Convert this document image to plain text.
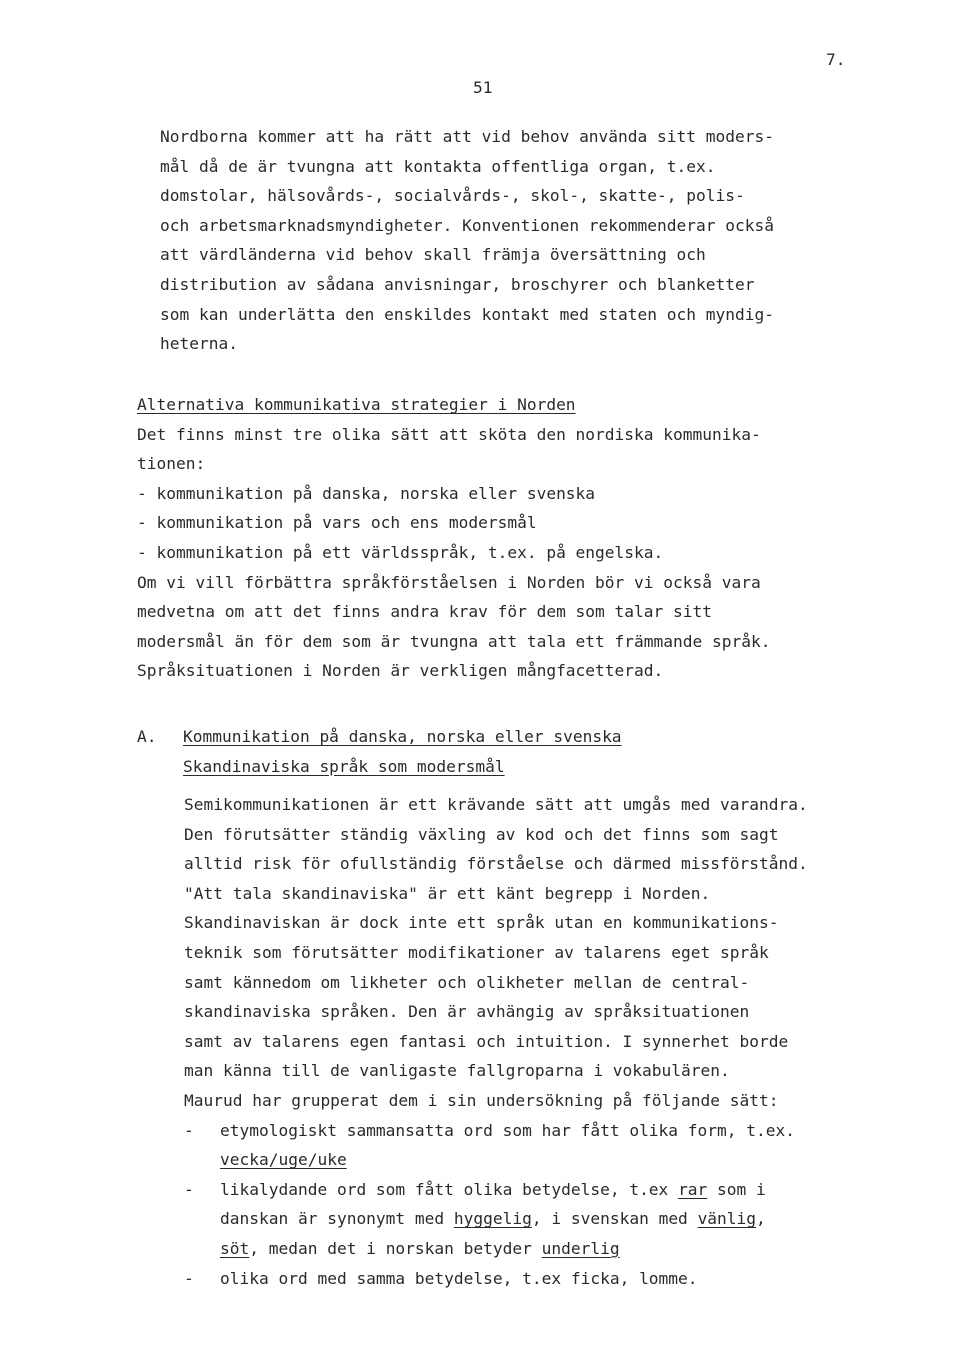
7.
51
Nordborna kommer att ha rätt att vid behov använda sitt moders-
mål då de är tvungna att kontakta offentliga organ, t.ex.
domstolar, hälsovårds-, socialvårds-, skol-, skatte-, polis-
och arbetsmarknadsmyndigheter. Konventionen rekommenderar också
att värdländerna vid behov skall främja översättning och
distribution av sådana anvisningar, broschyrer och blanketter
som kan underlätta den enskildes kontakt med staten och myndig-
heterna.
Alternativa kommunikativa strategier i Norden
Det finns minst tre olika sätt att sköta den nordiska kommunika-
tionen:
- kommunikation på danska, norska eller svenska
- kommunikation på vars och ens modersmål
- kommunikation på ett världsspråk, t.ex. på engelska.
Om vi vill förbättra språkförståelsen i Norden bör vi också vara
medvetna om att det finns andra krav för dem som talar sitt
modersmål än för dem som är tvungna att tala ett främmande språk.
Språksituationen i Norden är verkligen mångfacetterad.
A. Kommunikation på danska, norska eller svenska
Skandinaviska språk som modersmål
Semikommunikationen är ett krävande sätt att umgås med varandra.
Den förutsätter ständig växling av kod och det finns som sagt
alltid risk för ofullständig förståelse och därmed missförstånd.
"Att tala skandinaviska" är ett känt begrepp i Norden.
Skandinaviskan är dock inte ett språk utan en kommunikations-
teknik som förutsätter modifikationer av talarens eget språk
samt kännedom om likheter och olikheter mellan de central-
skandinaviska språken. Den är avhängig av språksituationen
samt av talarens egen fantasi och intuition. I synnerhet borde
man känna till de vanligaste fallgroparna i vokabulären.
Maurud har grupperat dem i sin undersökning på följande sätt:
- etymologiskt sammansatta ord som har fått olika form, t.ex.
vecka/uge/uke
- likalydande ord som fått olika betydelse, t.ex rar som i
danskan är synonymt med hyggelig, i svenskan med vänlig,
söt, medan det i norskan betyder underlig
- olika ord med samma betydelse, t.ex ficka, lomme.
